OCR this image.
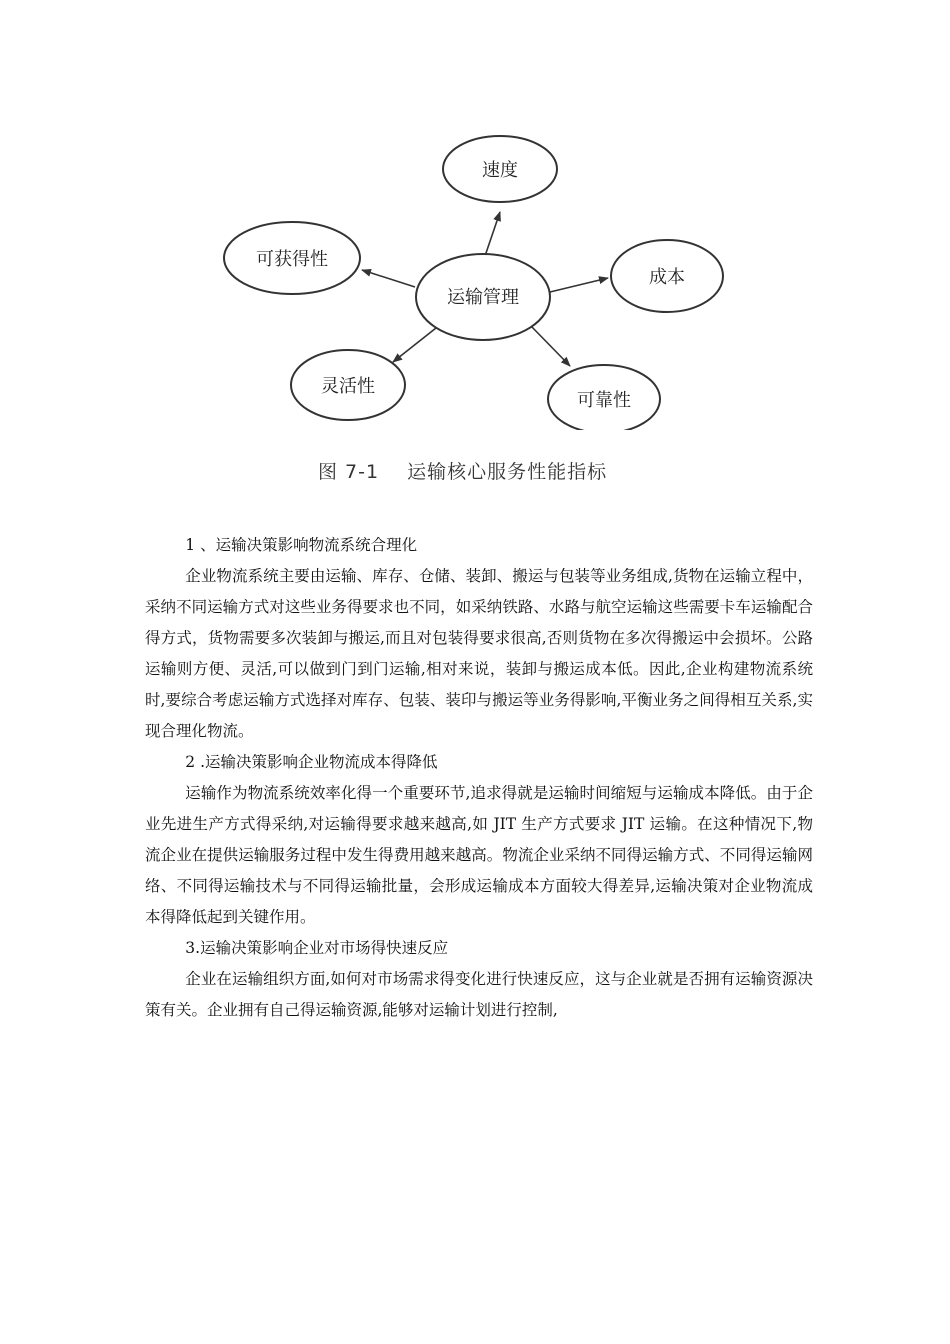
运输管理
速度
可获得性
成本
灵活性
可靠性
图 7-1 运输核心服务性能指标

1 、运输决策影响物流系统合理化

企业物流系统主要由运输、库存、仓储、装卸、搬运与包装等业务组成,货物在运输立程中，采纳不同运输方式对这些业务得要求也不同，如采纳铁路、水路与航空运输这些需要卡车运输配合得方式，货物需要多次装卸与搬运,而且对包装得要求很高,否则货物在多次得搬运中会损坏。公路运输则方便、灵活,可以做到门到门运输,相对来说，装卸与搬运成本低。因此,企业构建物流系统时,要综合考虑运输方式选择对库存、包装、装印与搬运等业务得影响,平衡业务之间得相互关系,实现合理化物流。

2 .运输决策影响企业物流成本得降低

运输作为物流系统效率化得一个重要环节,追求得就是运输时间缩短与运输成本降低。由于企业先进生产方式得采纳,对运输得要求越来越高,如 JIT 生产方式要求 JIT 运输。在这种情况下,物流企业在提供运输服务过程中发生得费用越来越高。物流企业采纳不同得运输方式、不同得运输网络、不同得运输技术与不同得运输批量，会形成运输成本方面较大得差异,运输决策对企业物流成本得降低起到关键作用。

3.运输决策影响企业对市场得快速反应

企业在运输组织方面,如何对市场需求得变化进行快速反应，这与企业就是否拥有运输资源决策有关。企业拥有自己得运输资源,能够对运输计划进行控制,
